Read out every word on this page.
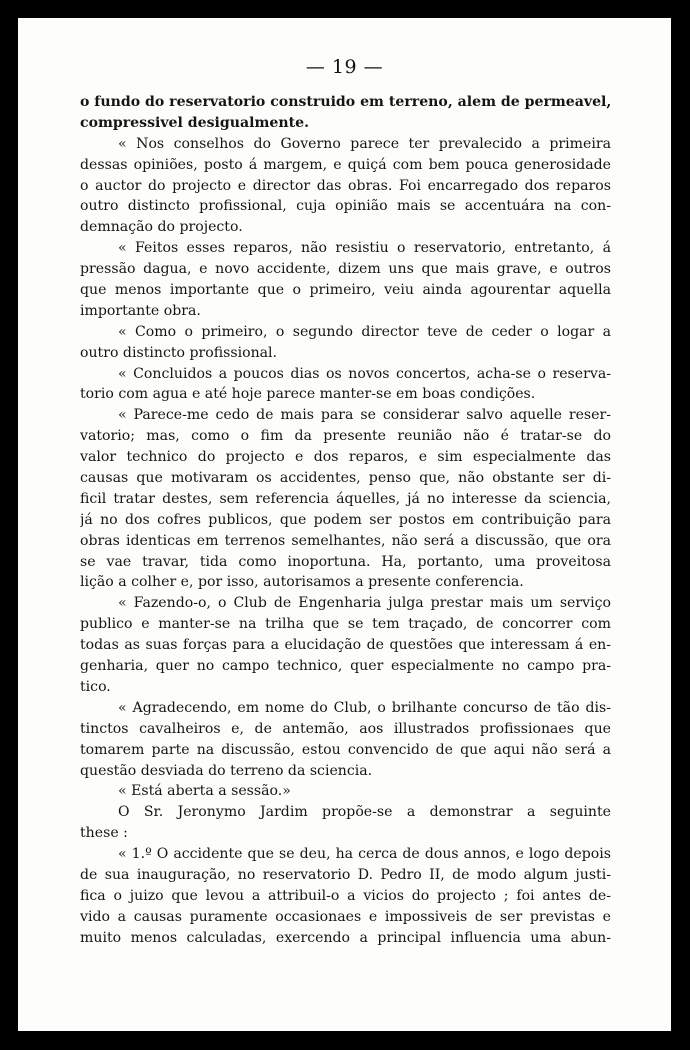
— 19 —
o fundo do reservatorio construido em terreno, alem de permeavel,
compressivel desigualmente.
« Nos conselhos do Governo parece ter prevalecido a primeira
dessas opiniões, posto á margem, e quiçá com bem pouca generosidade
o auctor do projecto e director das obras. Foi encarregado dos reparos
outro distincto profissional, cuja opinião mais se accentuára na con-
demnação do projecto.
« Feitos esses reparos, não resistiu o reservatorio, entretanto, á
pressão dagua, e novo accidente, dizem uns que mais grave, e outros
que menos importante que o primeiro, veiu ainda agourentar aquella
importante obra.
« Como o primeiro, o segundo director teve de ceder o logar a
outro distincto profissional.
« Concluidos a poucos dias os novos concertos, acha-se o reserva-
torio com agua e até hoje parece manter-se em boas condições.
« Parece-me cedo de mais para se considerar salvo aquelle reser-
vatorio; mas, como o fim da presente reunião não é tratar-se do
valor technico do projecto e dos reparos, e sim especialmente das
causas que motivaram os accidentes, penso que, não obstante ser di-
ficil tratar destes, sem referencia áquelles, já no interesse da sciencia,
já no dos cofres publicos, que podem ser postos em contribuição para
obras identicas em terrenos semelhantes, não será a discussão, que ora
se vae travar, tida como inoportuna. Ha, portanto, uma proveitosa
lição a colher e, por isso, autorisamos a presente conferencia.
« Fazendo-o, o Club de Engenharia julga prestar mais um serviço
publico e manter-se na trilha que se tem traçado, de concorrer com
todas as suas forças para a elucidação de questões que interessam á en-
genharia, quer no campo technico, quer especialmente no campo pra-
tico.
« Agradecendo, em nome do Club, o brilhante concurso de tão dis-
tinctos cavalheiros e, de antemão, aos illustrados profissionaes que
tomarem parte na discussão, estou convencido de que aqui não será a
questão desviada do terreno da sciencia.
« Está aberta a sessão.»
O Sr. Jeronymo Jardim propõe-se a demonstrar a seguinte
these :
« 1.º O accidente que se deu, ha cerca de dous annos, e logo depois
de sua inauguração, no reservatorio D. Pedro II, de modo algum justi-
fica o juizo que levou a attribuil-o a vicios do projecto ; foi antes de-
vido a causas puramente occasionaes e impossiveis de ser previstas e
muito menos calculadas, exercendo a principal influencia uma abun-
